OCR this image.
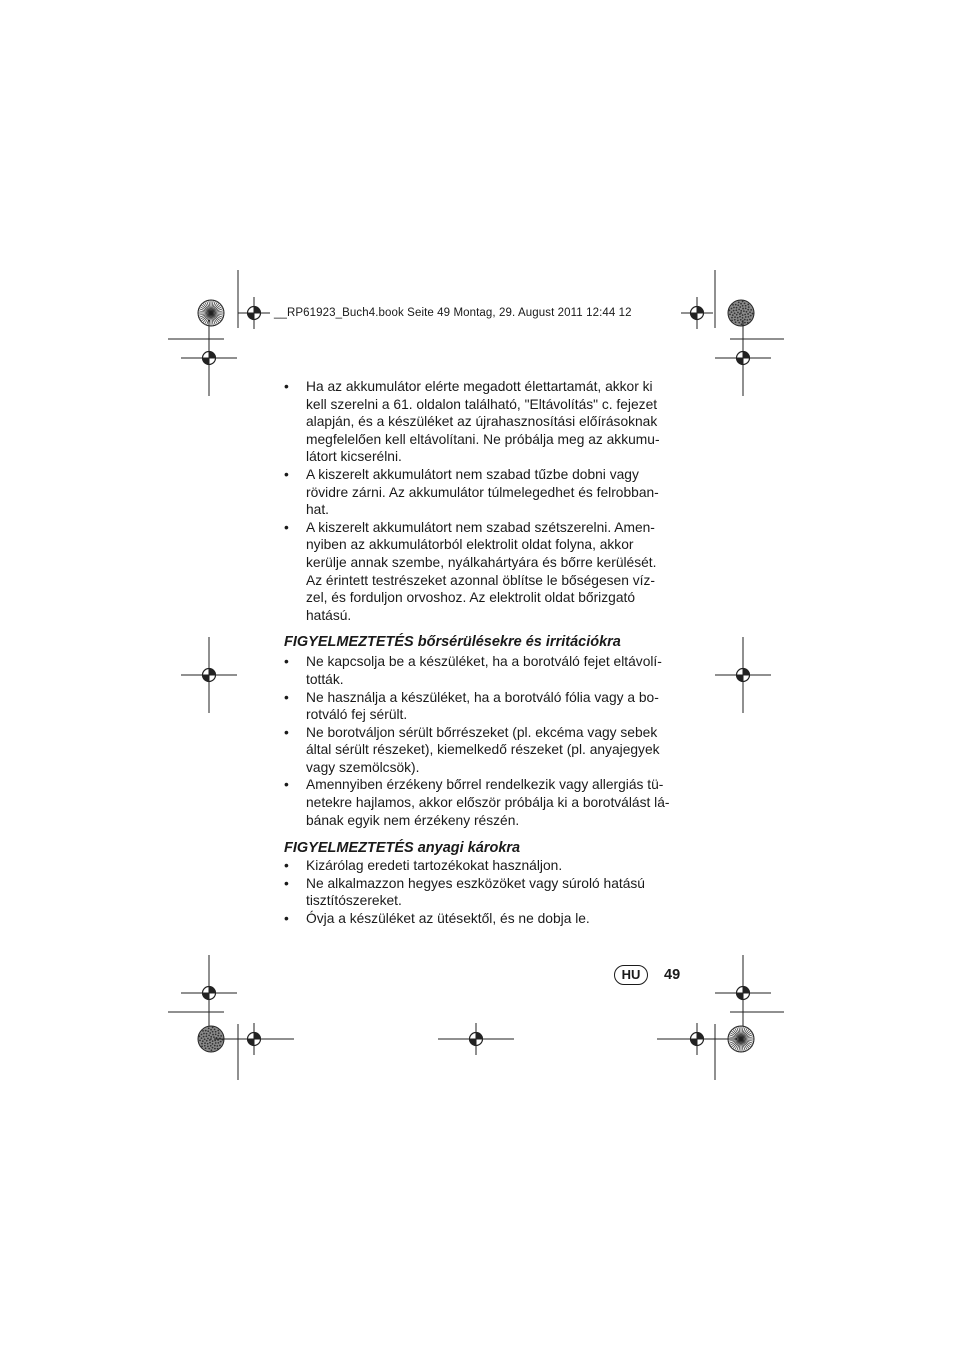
__RP61923_Buch4.book Seite 49 Montag, 29. August 2011 12:44 12

• Ha az akkumulátor elérte megadott élettartamát, akkor ki
kell szerelni a 61. oldalon található, "Eltávolítás" c. fejezet
alapján, és a készüléket az újrahasznosítási előírásoknak
megfelelően kell eltávolítani. Ne próbálja meg az akkumu-
látort kicserélni.
• A kiszerelt akkumulátort nem szabad tűzbe dobni vagy
rövidre zárni. Az akkumulátor túlmelegedhet és felrobban-
hat.
• A kiszerelt akkumulátort nem szabad szétszerelni. Amen-
nyiben az akkumulátorból elektrolit oldat folyna, akkor
kerülje annak szembe, nyálkahártyára és bőrre kerülését.
Az érintett testrészeket azonnal öblítse le bőségesen víz-
zel, és forduljon orvoshoz. Az elektrolit oldat bőrizgató
hatású.
FIGYELMEZTETÉS bőrsérülésekre és irritációkra
• Ne kapcsolja be a készüléket, ha a borotváló fejet eltávolí-
tották.
• Ne használja a készüléket, ha a borotváló fólia vagy a bo-
rotváló fej sérült.
• Ne borotváljon sérült bőrrészeket (pl. ekcéma vagy sebek
által sérült részeket), kiemelkedő részeket (pl. anyajegyek
vagy szemölcsök).
• Amennyiben érzékeny bőrrel rendelkezik vagy allergiás tü-
netekre hajlamos, akkor először próbálja ki a borotválást lá-
bának egyik nem érzékeny részén.
FIGYELMEZTETÉS anyagi károkra
• Kizárólag eredeti tartozékokat használjon.
• Ne alkalmazzon hegyes eszközöket vagy súroló hatású
tisztítószereket.
• Óvja a készüléket az ütésektől, és ne dobja le.
HU	49
